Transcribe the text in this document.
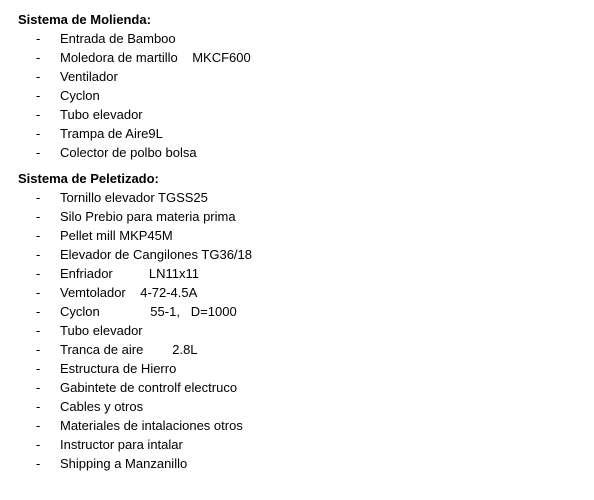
Sistema de Molienda:
- Entrada de Bamboo
- Moledora de martillo    MKCF600
- Ventilador
- Cyclon
- Tubo elevador
- Trampa de Aire9L
- Colector de polbo bolsa
Sistema de Peletizado:
- Tornillo elevador TGSS25
- Silo Prebio para materia prima
- Pellet mill MKP45M
- Elevador de Cangilones TG36/18
- Enfriador          LN11x11
- Vemtolador    4-72-4.5A
- Cyclon              55-1,   D=1000
- Tubo elevador
- Tranca de aire        2.8L
- Estructura de Hierro
- Gabintete de controlf electruco
- Cables y otros
- Materiales de intalaciones otros
- Instructor para intalar
- Shipping a Manzanillo
